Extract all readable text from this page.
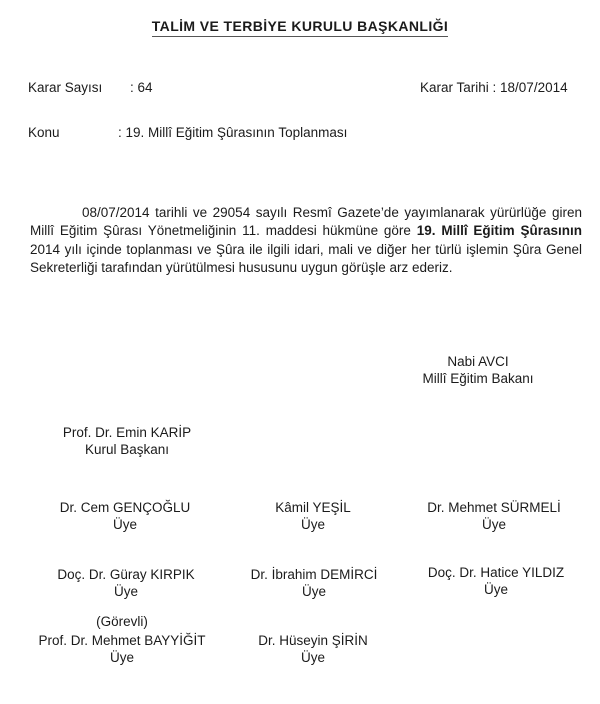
TALİM VE TERBİYE KURULU BAŞKANLIĞI
Karar Sayısı : 64	Karar Tarihi : 18/07/2014
Konu	: 19. Millî Eğitim Şûrasının Toplanması
08/07/2014 tarihli ve 29054 sayılı Resmî Gazete’de yayımlanarak yürürlüğe giren
Millî Eğitim Şûrası Yönetmeliğinin 11. maddesi hükmüne göre 19. Millî Eğitim Şûrasının
2014 yılı içinde toplanması ve Şûra ile ilgili idari, mali ve diğer her türlü işlemin Şûra Genel
Sekreterliği tarafından yürütülmesi hususunu uygun görüşle arz ederiz.
Nabi AVCI
Millî Eğitim Bakanı
Prof. Dr. Emin KARİP
Kurul Başkanı
Dr. Cem GENÇOĞLU
Üye
Kâmil YEŞİL
Üye
Dr. Mehmet SÜRMELİ
Üye
Doç. Dr. Güray KIRPIK
Üye
Dr. İbrahim DEMİRCİ
Üye
Doç. Dr. Hatice YILDIZ
Üye
(Görevli)
Prof. Dr. Mehmet BAYYİĞİT
Üye
Dr. Hüseyin ŞİRİN
Üye
